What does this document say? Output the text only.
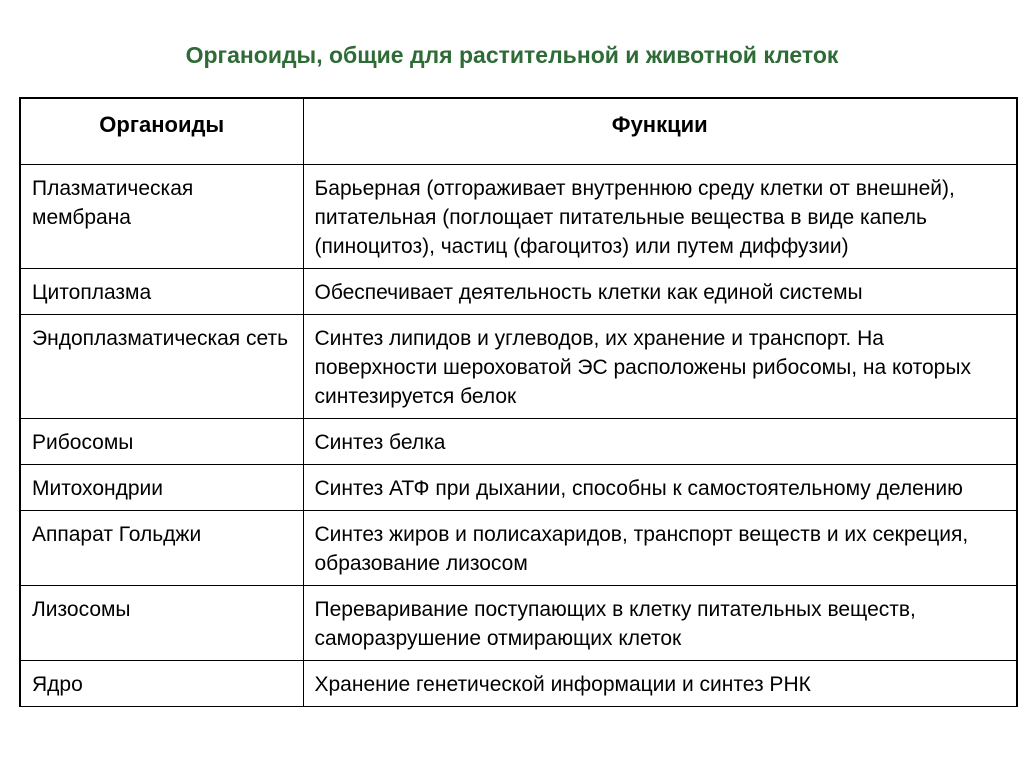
Органоиды, общие для растительной и животной клеток
Органоиды	Функции
Плазматическая мембрана	Барьерная (отгораживает внутреннюю среду клетки от внешней), питательная (поглощает питательные вещества в виде капель (пиноцитоз), частиц (фагоцитоз) или путем диффузии)
Цитоплазма	Обеспечивает деятельность клетки как единой системы
Эндоплазматическая сеть	Синтез липидов и углеводов, их хранение и транспорт. На поверхности шероховатой ЭС расположены рибосомы, на которых синтезируется белок
Рибосомы	Синтез белка
Митохондрии	Синтез АТФ при дыхании, способны к самостоятельному делению
Аппарат Гольджи	Синтез жиров и полисахаридов, транспорт веществ и их секреция, образование лизосом
Лизосомы	Переваривание поступающих в клетку питательных веществ, саморазрушение отмирающих клеток
Ядро	Хранение генетической информации и синтез РНК
